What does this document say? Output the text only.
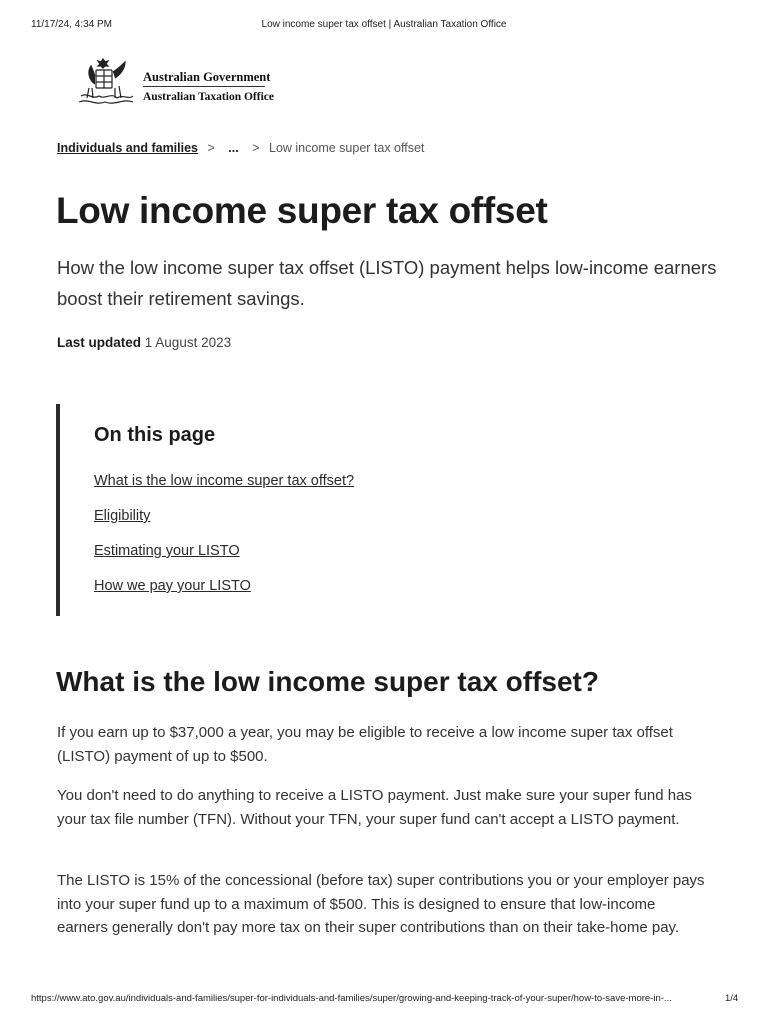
11/17/24, 4:34 PM	Low income super tax offset | Australian Taxation Office
Australian Government
Australian Taxation Office
Individuals and families > ... > Low income super tax offset
Low income super tax offset

How the low income super tax offset (LISTO) payment helps low-income earners boost their retirement savings.

Last updated 1 August 2023
On this page
What is the low income super tax offset?
Eligibility
Estimating your LISTO
How we pay your LISTO
What is the low income super tax offset?

If you earn up to $37,000 a year, you may be eligible to receive a low income super tax offset (LISTO) payment of up to $500.

You don't need to do anything to receive a LISTO payment. Just make sure your super fund has your tax file number (TFN). Without your TFN, your super fund can't accept a LISTO payment.

The LISTO is 15% of the concessional (before tax) super contributions you or your employer pays into your super fund up to a maximum of $500. This is designed to ensure that low-income earners generally don't pay more tax on their super contributions than on their take-home pay.

https://www.ato.gov.au/individuals-and-families/super-for-individuals-and-families/super/growing-and-keeping-track-of-your-super/how-to-save-more-in-...	1/4
